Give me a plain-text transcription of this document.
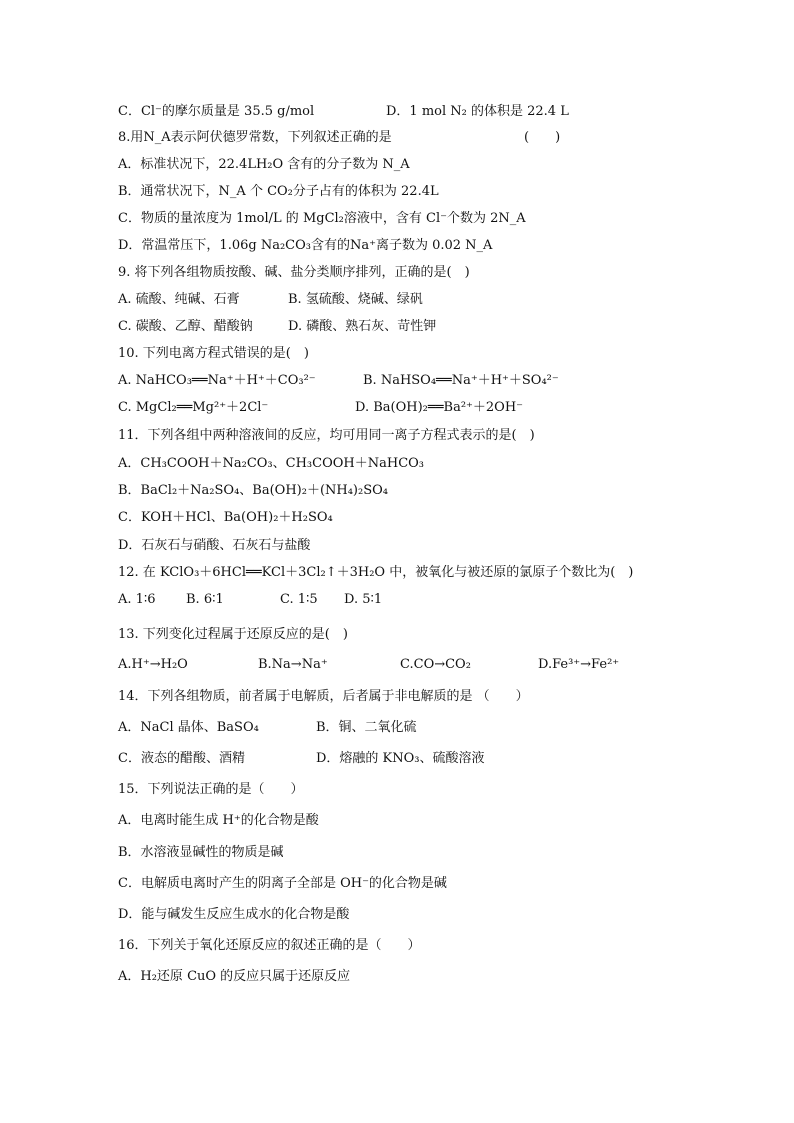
C．Cl⁻的摩尔质量是 35.5 g/mol	D．1 mol N₂ 的体积是 22.4 L
8.用N_A表示阿伏德罗常数，下列叙述正确的是	(　　)
A．标准状况下，22.4LH₂O 含有的分子数为 N_A
B．通常状况下，N_A 个 CO₂分子占有的体积为 22.4L
C．物质的量浓度为 1mol/L 的 MgCl₂溶液中，含有 Cl⁻个数为 2N_A
D．常温常压下，1.06g Na₂CO₃含有的Na⁺离子数为 0.02 N_A
9. 将下列各组物质按酸、碱、盐分类顺序排列，正确的是(　)
A. 硫酸、纯碱、石膏	B. 氢硫酸、烧碱、绿矾
C. 碳酸、乙醇、醋酸钠	D. 磷酸、熟石灰、苛性钾
10. 下列电离方程式错误的是(　)
A. NaHCO₃══Na⁺＋H⁺＋CO₃²⁻	B. NaHSO₄══Na⁺＋H⁺＋SO₄²⁻
C. MgCl₂══Mg²⁺＋2Cl⁻	D. Ba(OH)₂══Ba²⁺＋2OH⁻
11．下列各组中两种溶液间的反应，均可用同一离子方程式表示的是(　)
A．CH₃COOH＋Na₂CO₃、CH₃COOH＋NaHCO₃
B．BaCl₂＋Na₂SO₄、Ba(OH)₂＋(NH₄)₂SO₄
C．KOH＋HCl、Ba(OH)₂＋H₂SO₄
D．石灰石与硝酸、石灰石与盐酸
12. 在 KClO₃＋6HCl══KCl＋3Cl₂↑＋3H₂O 中，被氧化与被还原的氯原子个数比为(　)
A. 1∶6 B. 6∶1	C. 1∶5 D. 5∶1
13. 下列变化过程属于还原反应的是(　)
A.H⁺→H₂O	B.Na→Na⁺	C.CO→CO₂	D.Fe³⁺→Fe²⁺
14．下列各组物质，前者属于电解质，后者属于非电解质的是 （　　）
A．NaCl 晶体、BaSO₄	B．铜、二氧化硫
C．液态的醋酸、酒精	D．熔融的 KNO₃、硫酸溶液
15．下列说法正确的是（　　）
A．电离时能生成 H⁺的化合物是酸
B．水溶液显碱性的物质是碱
C．电解质电离时产生的阴离子全部是 OH⁻的化合物是碱
D．能与碱发生反应生成水的化合物是酸
16．下列关于氧化还原反应的叙述正确的是（　　）
A．H₂还原 CuO 的反应只属于还原反应
